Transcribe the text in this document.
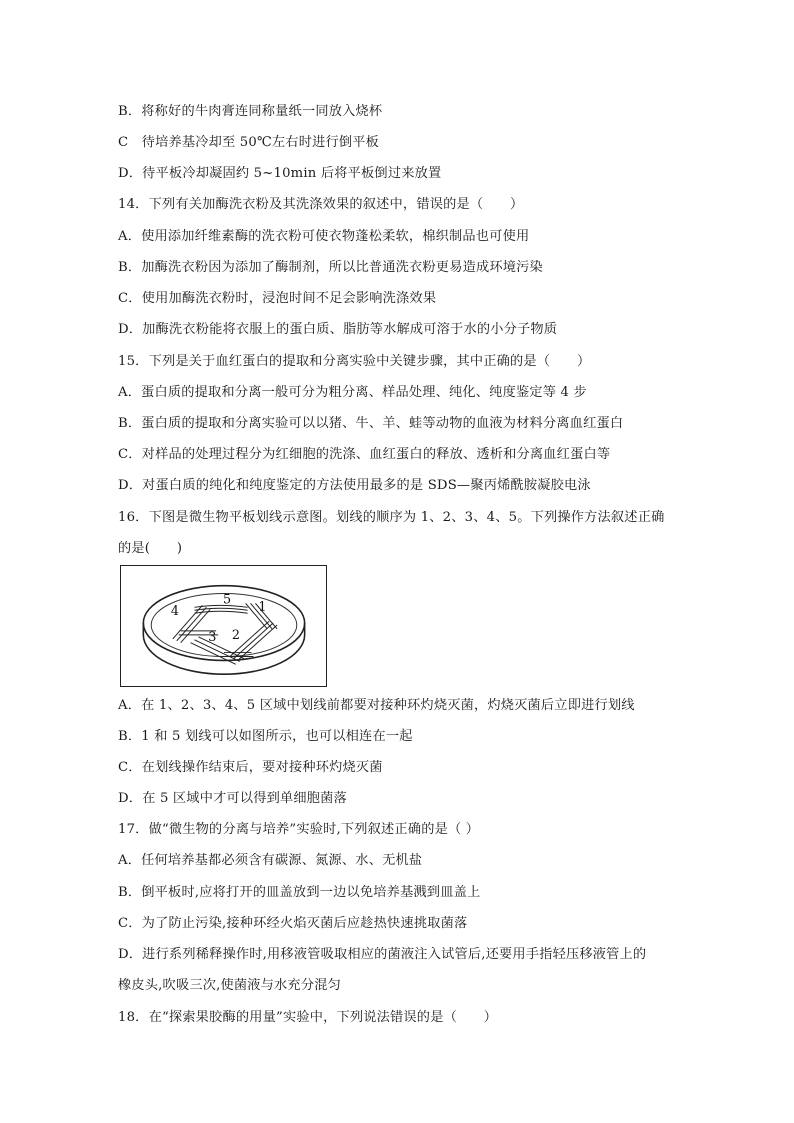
B．将称好的牛肉膏连同称量纸一同放入烧杯
C　待培养基冷却至 50℃左右时进行倒平板
D．待平板冷却凝固约 5~10min 后将平板倒过来放置
14．下列有关加酶洗衣粉及其洗涤效果的叙述中，错误的是（　　）
A．使用添加纤维素酶的洗衣粉可使衣物蓬松柔软，棉织制品也可使用
B．加酶洗衣粉因为添加了酶制剂，所以比普通洗衣粉更易造成环境污染
C．使用加酶洗衣粉时，浸泡时间不足会影响洗涤效果
D．加酶洗衣粉能将衣服上的蛋白质、脂肪等水解成可溶于水的小分子物质
15．下列是关于血红蛋白的提取和分离实验中关键步骤，其中正确的是（　　）
A．蛋白质的提取和分离一般可分为粗分离、样品处理、纯化、纯度鉴定等 4 步
B．蛋白质的提取和分离实验可以以猪、牛、羊、蛙等动物的血液为材料分离血红蛋白
C．对样品的处理过程分为红细胞的洗涤、血红蛋白的释放、透析和分离血红蛋白等
D．对蛋白质的纯化和纯度鉴定的方法使用最多的是 SDS—聚丙烯酰胺凝胶电泳
16．下图是微生物平板划线示意图。划线的顺序为 1、2、3、4、5。下列操作方法叙述正确
的是(　　)
5
1
4
3 2
A．在 1、2、3、4、5 区域中划线前都要对接种环灼烧灭菌，灼烧灭菌后立即进行划线
B．1 和 5 划线可以如图所示，也可以相连在一起
C．在划线操作结束后，要对接种环灼烧灭菌
D．在 5 区域中才可以得到单细胞菌落
17．做“微生物的分离与培养”实验时,下列叙述正确的是（ ）
A．任何培养基都必须含有碳源、氮源、水、无机盐
B．倒平板时,应将打开的皿盖放到一边以免培养基溅到皿盖上
C．为了防止污染,接种环经火焰灭菌后应趁热快速挑取菌落
D．进行系列稀释操作时,用移液管吸取相应的菌液注入试管后,还要用手指轻压移液管上的
橡皮头,吹吸三次,使菌液与水充分混匀
18．在“探索果胶酶的用量”实验中，下列说法错误的是（　　）
